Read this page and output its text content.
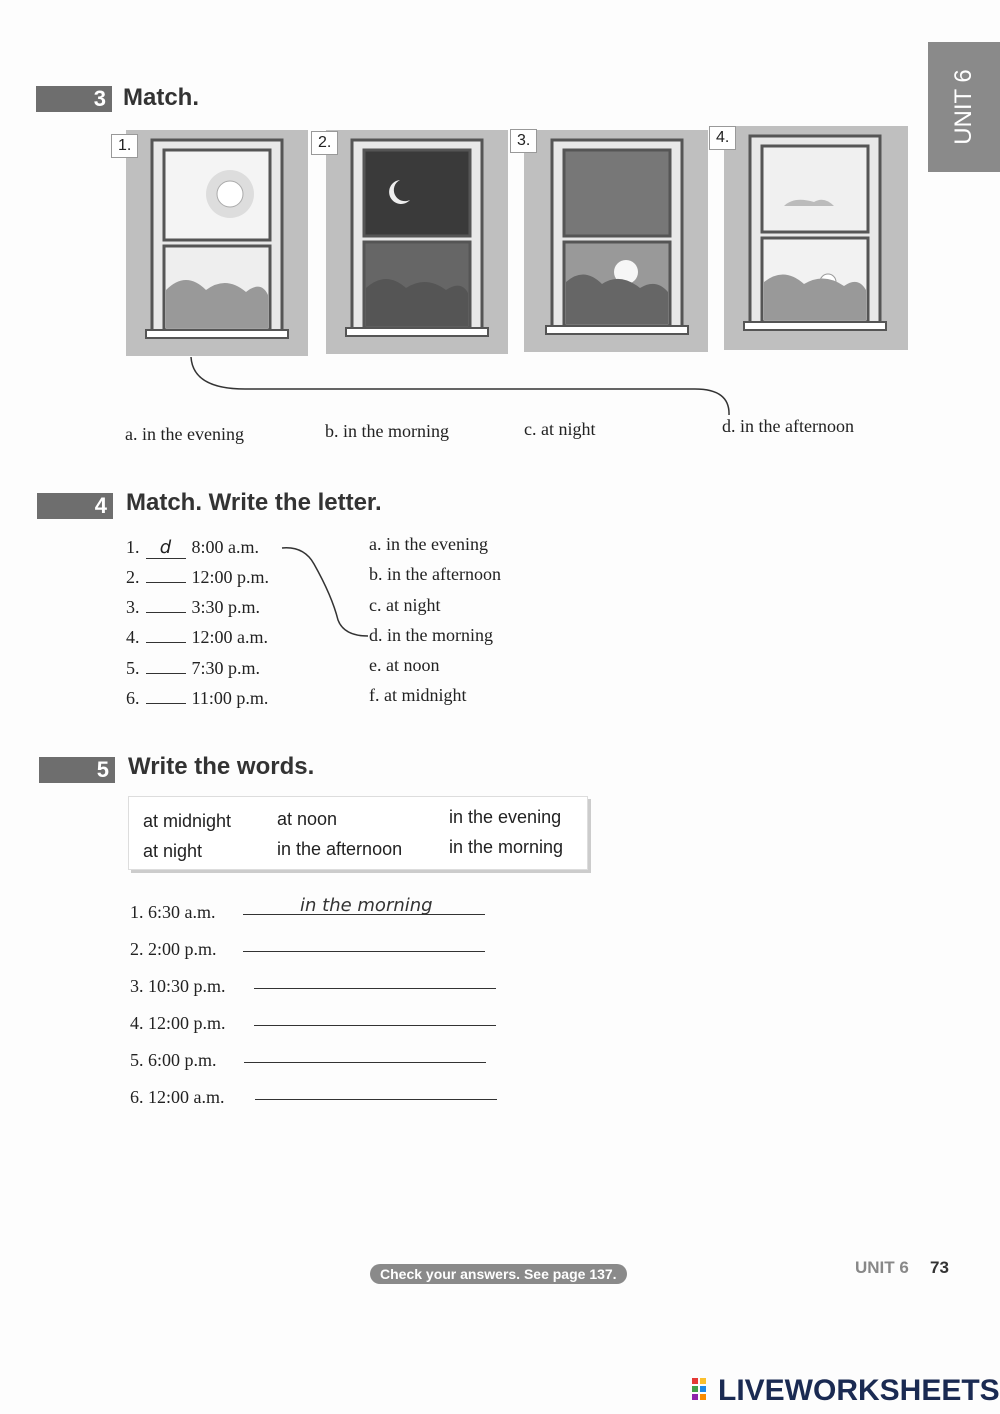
UNIT 6
3 Match.
1.	2.	3.	4.
a. in the evening	b. in the morning	c. at night	d. in the afternoon
4 Match. Write the letter.
1. d 8:00 a.m.
2.	12:00 p.m.
3.	3:30 p.m.
4.	12:00 a.m.
5.	7:30 p.m.
6.	11:00 p.m.
a. in the evening
b. in the afternoon
c. at night
d. in the morning
e. at noon
f. at midnight
5 Write the words.
at midnight	at noon	in the evening
at night	in the afternoon	in the morning
1. 6:30 a.m.	in the morning
2. 2:00 p.m.
3. 10:30 p.m.
4. 12:00 p.m.
5. 6:00 p.m.
6. 12:00 a.m.
Check your answers. See page 137.	UNIT 6 73
LIVEWORKSHEETS
